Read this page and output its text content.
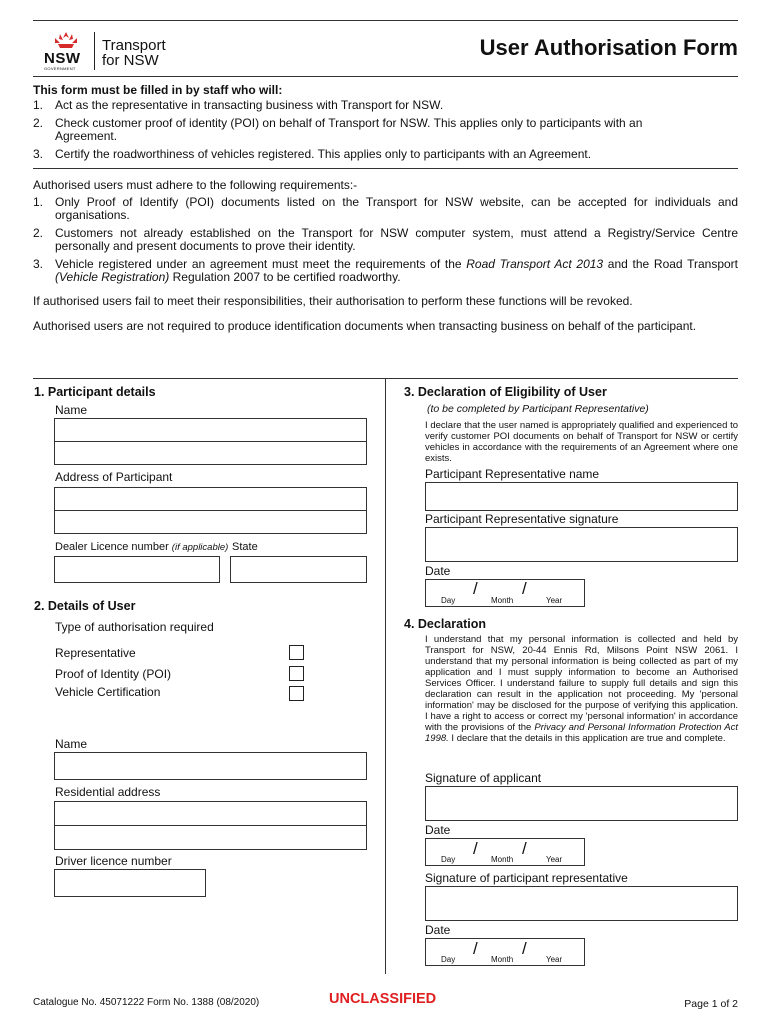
NSW
GOVERNMENT
Transport
for NSW
User Authorisation Form
This form must be filled in by staff who will:
1. Act as the representative in transacting business with Transport for NSW.
2. Check customer proof of identity (POI) on behalf of Transport for NSW. This applies only to participants with an Agreement.
3. Certify the roadworthiness of vehicles registered. This applies only to participants with an Agreement.
Authorised users must adhere to the following requirements:-
1. Only Proof of Identify (POI) documents listed on the Transport for NSW website, can be accepted for individuals and organisations.
2. Customers not already established on the Transport for NSW computer system, must attend a Registry/Service Centre personally and present documents to prove their identity.
3. Vehicle registered under an agreement must meet the requirements of the Road Transport Act 2013 and the Road Transport (Vehicle Registration) Regulation 2007 to be certified roadworthy.
If authorised users fail to meet their responsibilities, their authorisation to perform these functions will be revoked.
Authorised users are not required to produce identification documents when transacting business on behalf of the participant.
1. Participant details
Name
Address of Participant
Dealer Licence number (if applicable) State
2. Details of User
Type of authorisation required
Representative
Proof of Identity (POI)
Vehicle Certification
Name
Residential address
Driver licence number
3. Declaration of Eligibility of User
(to be completed by Participant Representative)
I declare that the user named is appropriately qualified and experienced to verify customer POI documents on behalf of Transport for NSW or certify vehicles in accordance with the requirements of an Agreement where one exists.
Participant Representative name
Participant Representative signature
Date
/	/
Day	Month	Year
4. Declaration
I understand that my personal information is collected and held by Transport for NSW, 20-44 Ennis Rd, Milsons Point NSW 2061. I understand that my personal information is being collected as part of my application and I must supply information to become an Authorised Services Officer. I understand failure to supply full details and sign this declaration can result in the application not proceeding. My 'personal information' may be disclosed for the purpose of verifying this application. I have a right to access or correct my 'personal information' in accordance with the provisions of the Privacy and Personal Information Protection Act 1998. I declare that the details in this application are true and complete.
Signature of applicant
Date
/	/
Day	Month	Year
Signature of participant representative
Date
/	/
Day	Month	Year
Catalogue No. 45071222 Form No. 1388 (08/2020)	UNCLASSIFIED	Page 1 of 2
